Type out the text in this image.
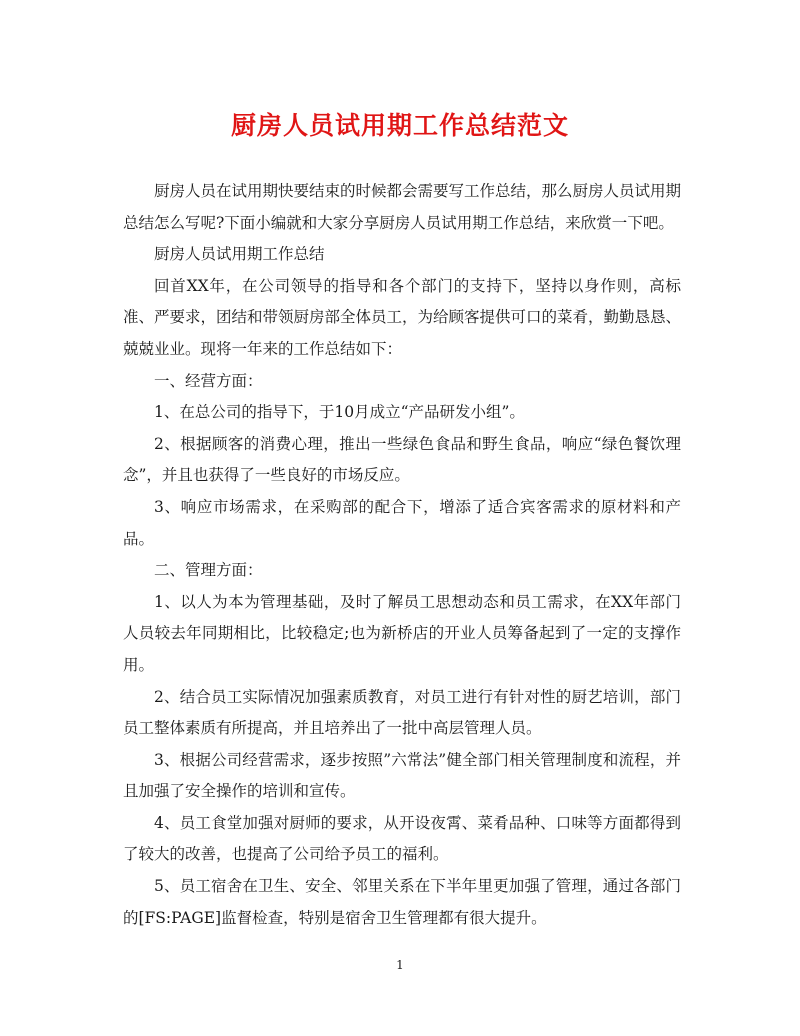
厨房人员试用期工作总结范文

厨房人员在试用期快要结束的时候都会需要写工作总结，那么厨房人员试用期总结怎么写呢?下面小编就和大家分享厨房人员试用期工作总结，来欣赏一下吧。

厨房人员试用期工作总结

回首XX年，在公司领导的指导和各个部门的支持下，坚持以身作则，高标准、严要求，团结和带领厨房部全体员工，为给顾客提供可口的菜肴，勤勤恳恳、兢兢业业。现将一年来的工作总结如下：

一、经营方面：

1、在总公司的指导下，于10月成立“产品研发小组”。

2、根据顾客的消费心理，推出一些绿色食品和野生食品，响应“绿色餐饮理念”，并且也获得了一些良好的市场反应。

3、响应市场需求，在采购部的配合下，增添了适合宾客需求的原材料和产品。

二、管理方面：

1、以人为本为管理基础，及时了解员工思想动态和员工需求，在XX年部门人员较去年同期相比，比较稳定;也为新桥店的开业人员筹备起到了一定的支撑作用。

2、结合员工实际情况加强素质教育，对员工进行有针对性的厨艺培训，部门员工整体素质有所提高，并且培养出了一批中高层管理人员。

3、根据公司经营需求，逐步按照”六常法”健全部门相关管理制度和流程，并且加强了安全操作的培训和宣传。

4、员工食堂加强对厨师的要求，从开设夜霄、菜肴品种、口味等方面都得到了较大的改善，也提高了公司给予员工的福利。

5、员工宿舍在卫生、安全、邻里关系在下半年里更加强了管理，通过各部门的[FS:PAGE]监督检查，特别是宿舍卫生管理都有很大提升。

1
